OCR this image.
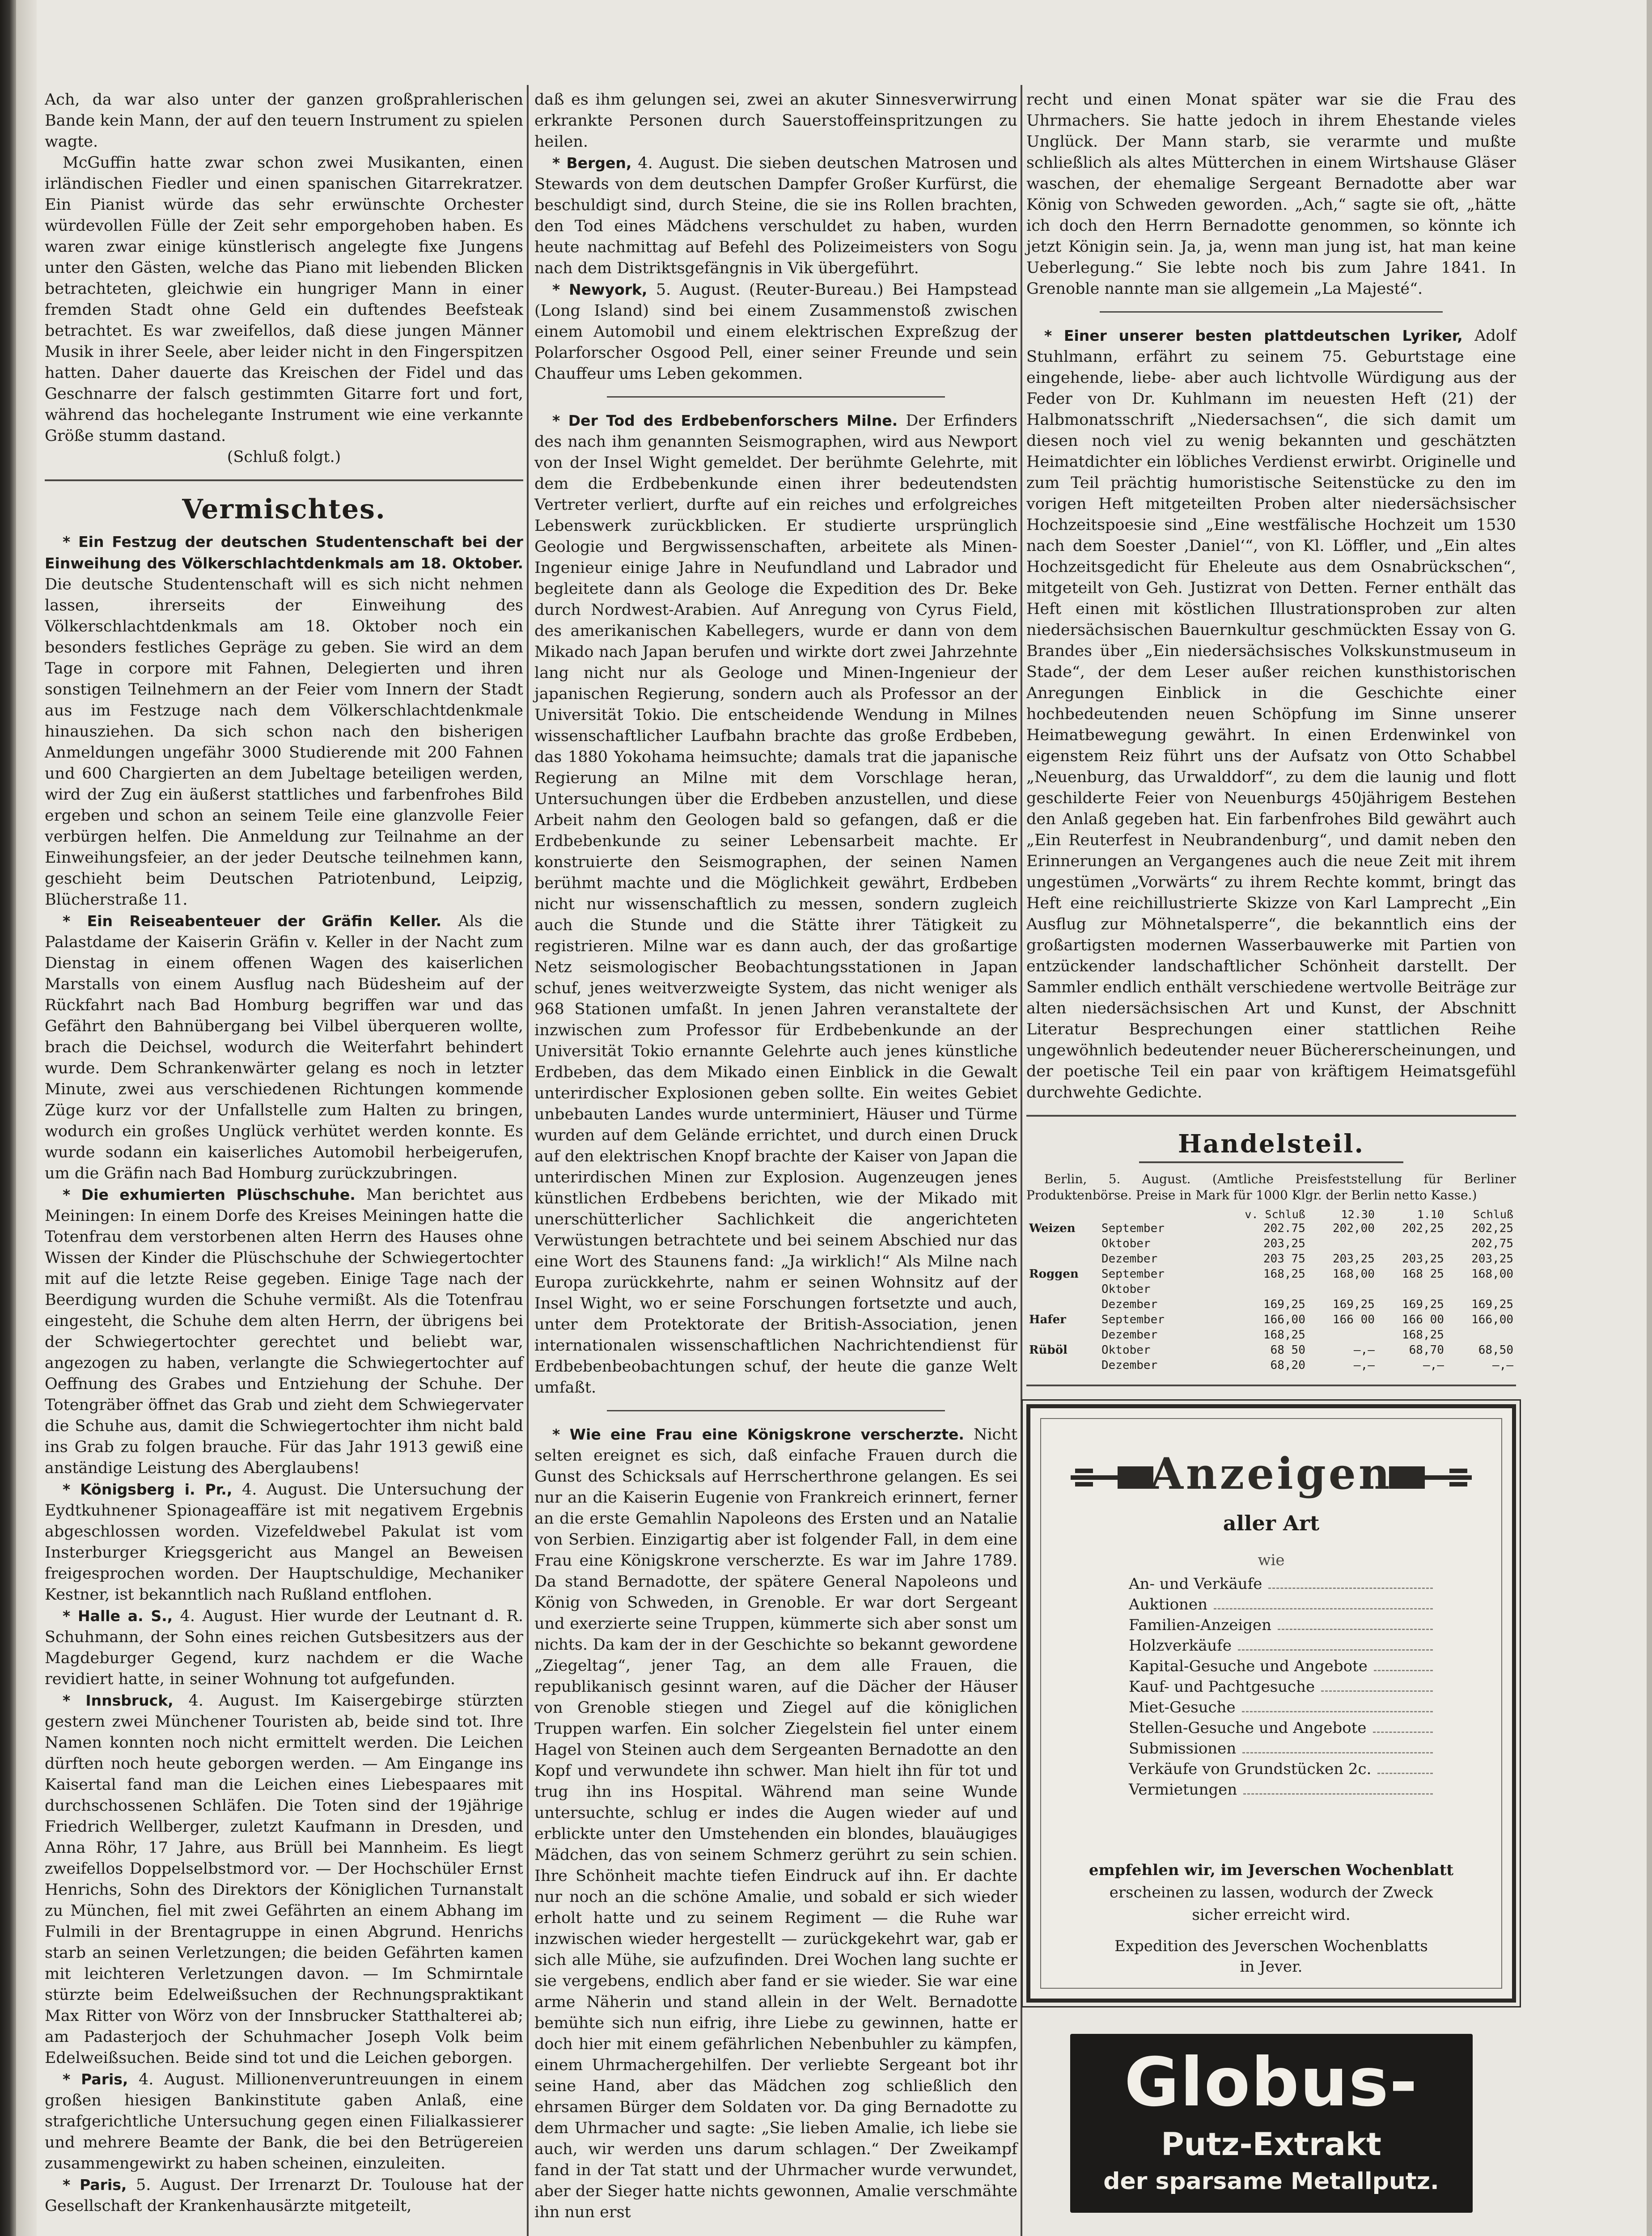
Ach, da war also unter der ganzen großprahlerischen Bande kein Mann, der auf den teuern Instrument zu spielen wagte.

McGuffin hatte zwar schon zwei Musikanten, einen irländischen Fiedler und einen spanischen Gitarrekratzer. Ein Pianist würde das sehr erwünschte Orchester würdevollen Fülle der Zeit sehr emporgehoben haben. Es waren zwar einige künstlerisch angelegte fixe Jungens unter den Gästen, welche das Piano mit liebenden Blicken betrachteten, gleichwie ein hungriger Mann in einer fremden Stadt ohne Geld ein duftendes Beefsteak betrachtet. Es war zweifellos, daß diese jungen Männer Musik in ihrer Seele, aber leider nicht in den Fingerspitzen hatten. Daher dauerte das Kreischen der Fidel und das Geschnarre der falsch gestimmten Gitarre fort und fort, während das hochelegante Instrument wie eine verkannte Größe stumm dastand.

(Schluß folgt.)

Vermischtes.

* Ein Festzug der deutschen Studentenschaft bei der Einweihung des Völkerschlachtdenkmals am 18. Oktober. Die deutsche Studentenschaft will es sich nicht nehmen lassen, ihrerseits der Einweihung des Völkerschlachtdenkmals am 18. Oktober noch ein besonders festliches Gepräge zu geben. Sie wird an dem Tage in corpore mit Fahnen, Delegierten und ihren sonstigen Teilnehmern an der Feier vom Innern der Stadt aus im Festzuge nach dem Völkerschlachtdenkmale hinausziehen. Da sich schon nach den bisherigen Anmeldungen ungefähr 3000 Studierende mit 200 Fahnen und 600 Chargierten an dem Jubeltage beteiligen werden, wird der Zug ein äußerst stattliches und farbenfrohes Bild ergeben und schon an seinem Teile eine glanzvolle Feier verbürgen helfen. Die Anmeldung zur Teilnahme an der Einweihungsfeier, an der jeder Deutsche teilnehmen kann, geschieht beim Deutschen Patriotenbund, Leipzig, Blücherstraße 11.

* Ein Reiseabenteuer der Gräfin Keller. Als die Palastdame der Kaiserin Gräfin v. Keller in der Nacht zum Dienstag in einem offenen Wagen des kaiserlichen Marstalls von einem Ausflug nach Büdesheim auf der Rückfahrt nach Bad Homburg begriffen war und das Gefährt den Bahnübergang bei Vilbel überqueren wollte, brach die Deichsel, wodurch die Weiterfahrt behindert wurde. Dem Schrankenwärter gelang es noch in letzter Minute, zwei aus verschiedenen Richtungen kommende Züge kurz vor der Unfallstelle zum Halten zu bringen, wodurch ein großes Unglück verhütet werden konnte. Es wurde sodann ein kaiserliches Automobil herbeigerufen, um die Gräfin nach Bad Homburg zurückzubringen.

* Die exhumierten Plüschschuhe. Man berichtet aus Meiningen: In einem Dorfe des Kreises Meiningen hatte die Totenfrau dem verstorbenen alten Herrn des Hauses ohne Wissen der Kinder die Plüschschuhe der Schwiegertochter mit auf die letzte Reise gegeben. Einige Tage nach der Beerdigung wurden die Schuhe vermißt. Als die Totenfrau eingesteht, die Schuhe dem alten Herrn, der übrigens bei der Schwiegertochter gerechtet und beliebt war, angezogen zu haben, verlangte die Schwiegertochter auf Oeffnung des Grabes und Entziehung der Schuhe. Der Totengräber öffnet das Grab und zieht dem Schwiegervater die Schuhe aus, damit die Schwiegertochter ihm nicht bald ins Grab zu folgen brauche. Für das Jahr 1913 gewiß eine anständige Leistung des Aberglaubens!

* Königsberg i. Pr., 4. August. Die Untersuchung der Eydtkuhnener Spionageaffäre ist mit negativem Ergebnis abgeschlossen worden. Vizefeldwebel Pakulat ist vom Insterburger Kriegsgericht aus Mangel an Beweisen freigesprochen worden. Der Hauptschuldige, Mechaniker Kestner, ist bekanntlich nach Rußland entflohen.

* Halle a. S., 4. August. Hier wurde der Leutnant d. R. Schuhmann, der Sohn eines reichen Gutsbesitzers aus der Magdeburger Gegend, kurz nachdem er die Wache revidiert hatte, in seiner Wohnung tot aufgefunden.

* Innsbruck, 4. August. Im Kaisergebirge stürzten gestern zwei Münchener Touristen ab, beide sind tot. Ihre Namen konnten noch nicht ermittelt werden. Die Leichen dürften noch heute geborgen werden. — Am Eingange ins Kaisertal fand man die Leichen eines Liebespaares mit durchschossenen Schläfen. Die Toten sind der 19jährige Friedrich Wellberger, zuletzt Kaufmann in Dresden, und Anna Röhr, 17 Jahre, aus Brüll bei Mannheim. Es liegt zweifellos Doppelselbstmord vor. — Der Hochschüler Ernst Henrichs, Sohn des Direktors der Königlichen Turnanstalt zu München, fiel mit zwei Gefährten an einem Abhang im Fulmili in der Brentagruppe in einen Abgrund. Henrichs starb an seinen Verletzungen; die beiden Gefährten kamen mit leichteren Verletzungen davon. — Im Schmirntale stürzte beim Edelweißsuchen der Rechnungspraktikant Max Ritter von Wörz von der Innsbrucker Statthalterei ab; am Padasterjoch der Schuhmacher Joseph Volk beim Edelweißsuchen. Beide sind tot und die Leichen geborgen.

* Paris, 4. August. Millionenveruntreuungen in einem großen hiesigen Bankinstitute gaben Anlaß, eine strafgerichtliche Untersuchung gegen einen Filialkassierer und mehrere Beamte der Bank, die bei den Betrügereien zusammengewirkt zu haben scheinen, einzuleiten.

* Paris, 5. August. Der Irrenarzt Dr. Toulouse hat der Gesellschaft der Krankenhausärzte mitgeteilt,

daß es ihm gelungen sei, zwei an akuter Sinnesverwirrung erkrankte Personen durch Sauerstoffeinspritzungen zu heilen.

* Bergen, 4. August. Die sieben deutschen Matrosen und Stewards von dem deutschen Dampfer Großer Kurfürst, die beschuldigt sind, durch Steine, die sie ins Rollen brachten, den Tod eines Mädchens verschuldet zu haben, wurden heute nachmittag auf Befehl des Polizeimeisters von Sogu nach dem Distriktsgefängnis in Vik übergeführt.

* Newyork, 5. August. (Reuter-Bureau.) Bei Hampstead (Long Island) sind bei einem Zusammenstoß zwischen einem Automobil und einem elektrischen Expreßzug der Polarforscher Osgood Pell, einer seiner Freunde und sein Chauffeur ums Leben gekommen.

* Der Tod des Erdbebenforschers Milne. Der Erfinders des nach ihm genannten Seismographen, wird aus Newport von der Insel Wight gemeldet. Der berühmte Gelehrte, mit dem die Erdbebenkunde einen ihrer bedeutendsten Vertreter verliert, durfte auf ein reiches und erfolgreiches Lebenswerk zurückblicken. Er studierte ursprünglich Geologie und Bergwissenschaften, arbeitete als Minen-Ingenieur einige Jahre in Neufundland und Labrador und begleitete dann als Geologe die Expedition des Dr. Beke durch Nordwest-Arabien. Auf Anregung von Cyrus Field, des amerikanischen Kabellegers, wurde er dann von dem Mikado nach Japan berufen und wirkte dort zwei Jahrzehnte lang nicht nur als Geologe und Minen-Ingenieur der japanischen Regierung, sondern auch als Professor an der Universität Tokio. Die entscheidende Wendung in Milnes wissenschaftlicher Laufbahn brachte das große Erdbeben, das 1880 Yokohama heimsuchte; damals trat die japanische Regierung an Milne mit dem Vorschlage heran, Untersuchungen über die Erdbeben anzustellen, und diese Arbeit nahm den Geologen bald so gefangen, daß er die Erdbebenkunde zu seiner Lebensarbeit machte. Er konstruierte den Seismographen, der seinen Namen berühmt machte und die Möglichkeit gewährt, Erdbeben nicht nur wissenschaftlich zu messen, sondern zugleich auch die Stunde und die Stätte ihrer Tätigkeit zu registrieren. Milne war es dann auch, der das großartige Netz seismologischer Beobachtungsstationen in Japan schuf, jenes weitverzweigte System, das nicht weniger als 968 Stationen umfaßt. In jenen Jahren veranstaltete der inzwischen zum Professor für Erdbebenkunde an der Universität Tokio ernannte Gelehrte auch jenes künstliche Erdbeben, das dem Mikado einen Einblick in die Gewalt unterirdischer Explosionen geben sollte. Ein weites Gebiet unbebauten Landes wurde unterminiert, Häuser und Türme wurden auf dem Gelände errichtet, und durch einen Druck auf den elektrischen Knopf brachte der Kaiser von Japan die unterirdischen Minen zur Explosion. Augenzeugen jenes künstlichen Erdbebens berichten, wie der Mikado mit unerschütterlicher Sachlichkeit die angerichteten Verwüstungen betrachtete und bei seinem Abschied nur das eine Wort des Staunens fand: „Ja wirklich!“ Als Milne nach Europa zurückkehrte, nahm er seinen Wohnsitz auf der Insel Wight, wo er seine Forschungen fortsetzte und auch, unter dem Protektorate der British-Association, jenen internationalen wissenschaftlichen Nachrichtendienst für Erdbebenbeobachtungen schuf, der heute die ganze Welt umfaßt.

* Wie eine Frau eine Königskrone verscherzte. Nicht selten ereignet es sich, daß einfache Frauen durch die Gunst des Schicksals auf Herrscherthrone gelangen. Es sei nur an die Kaiserin Eugenie von Frankreich erinnert, ferner an die erste Gemahlin Napoleons des Ersten und an Natalie von Serbien. Einzigartig aber ist folgender Fall, in dem eine Frau eine Königskrone verscherzte. Es war im Jahre 1789. Da stand Bernadotte, der spätere General Napoleons und König von Schweden, in Grenoble. Er war dort Sergeant und exerzierte seine Truppen, kümmerte sich aber sonst um nichts. Da kam der in der Geschichte so bekannt gewordene „Ziegeltag“, jener Tag, an dem alle Frauen, die republikanisch gesinnt waren, auf die Dächer der Häuser von Grenoble stiegen und Ziegel auf die königlichen Truppen warfen. Ein solcher Ziegelstein fiel unter einem Hagel von Steinen auch dem Sergeanten Bernadotte an den Kopf und verwundete ihn schwer. Man hielt ihn für tot und trug ihn ins Hospital. Während man seine Wunde untersuchte, schlug er indes die Augen wieder auf und erblickte unter den Umstehenden ein blondes, blauäugiges Mädchen, das von seinem Schmerz gerührt zu sein schien. Ihre Schönheit machte tiefen Eindruck auf ihn. Er dachte nur noch an die schöne Amalie, und sobald er sich wieder erholt hatte und zu seinem Regiment — die Ruhe war inzwischen wieder hergestellt — zurückgekehrt war, gab er sich alle Mühe, sie aufzufinden. Drei Wochen lang suchte er sie vergebens, endlich aber fand er sie wieder. Sie war eine arme Näherin und stand allein in der Welt. Bernadotte bemühte sich nun eifrig, ihre Liebe zu gewinnen, hatte er doch hier mit einem gefährlichen Nebenbuhler zu kämpfen, einem Uhrmachergehilfen. Der verliebte Sergeant bot ihr seine Hand, aber das Mädchen zog schließlich den ehrsamen Bürger dem Soldaten vor. Da ging Bernadotte zu dem Uhrmacher und sagte: „Sie lieben Amalie, ich liebe sie auch, wir werden uns darum schlagen.“ Der Zweikampf fand in der Tat statt und der Uhrmacher wurde verwundet, aber der Sieger hatte nichts gewonnen, Amalie verschmähte ihn nun erst

recht und einen Monat später war sie die Frau des Uhrmachers. Sie hatte jedoch in ihrem Ehestande vieles Unglück. Der Mann starb, sie verarmte und mußte schließlich als altes Mütterchen in einem Wirtshause Gläser waschen, der ehemalige Sergeant Bernadotte aber war König von Schweden geworden. „Ach,“ sagte sie oft, „hätte ich doch den Herrn Bernadotte genommen, so könnte ich jetzt Königin sein. Ja, ja, wenn man jung ist, hat man keine Ueberlegung.“ Sie lebte noch bis zum Jahre 1841. In Grenoble nannte man sie allgemein „La Majesté“.

* Einer unserer besten plattdeutschen Lyriker, Adolf Stuhlmann, erfährt zu seinem 75. Geburtstage eine eingehende, liebe- aber auch lichtvolle Würdigung aus der Feder von Dr. Kuhlmann im neuesten Heft (21) der Halbmonatsschrift „Niedersachsen“, die sich damit um diesen noch viel zu wenig bekannten und geschätzten Heimatdichter ein löbliches Verdienst erwirbt. Originelle und zum Teil prächtig humoristische Seitenstücke zu den im vorigen Heft mitgeteilten Proben alter niedersächsischer Hochzeitspoesie sind „Eine westfälische Hochzeit um 1530 nach dem Soester ‚Daniel‘“, von Kl. Löffler, und „Ein altes Hochzeitsgedicht für Eheleute aus dem Osnabrückschen“, mitgeteilt von Geh. Justizrat von Detten. Ferner enthält das Heft einen mit köstlichen Illustrationsproben zur alten niedersächsischen Bauernkultur geschmückten Essay von G. Brandes über „Ein niedersächsisches Volkskunstmuseum in Stade“, der dem Leser außer reichen kunsthistorischen Anregungen Einblick in die Geschichte einer hochbedeutenden neuen Schöpfung im Sinne unserer Heimatbewegung gewährt. In einen Erdenwinkel von eigenstem Reiz führt uns der Aufsatz von Otto Schabbel „Neuenburg, das Urwalddorf“, zu dem die launig und flott geschilderte Feier von Neuenburgs 450jährigem Bestehen den Anlaß gegeben hat. Ein farbenfrohes Bild gewährt auch „Ein Reuterfest in Neubrandenburg“, und damit neben den Erinnerungen an Vergangenes auch die neue Zeit mit ihrem ungestümen „Vorwärts“ zu ihrem Rechte kommt, bringt das Heft eine reichillustrierte Skizze von Karl Lamprecht „Ein Ausflug zur Möhnetalsperre“, die bekanntlich eins der großartigsten modernen Wasserbauwerke mit Partien von entzückender landschaftlicher Schönheit darstellt. Der Sammler endlich enthält verschiedene wertvolle Beiträge zur alten niedersächsischen Art und Kunst, der Abschnitt Literatur Besprechungen einer stattlichen Reihe ungewöhnlich bedeutender neuer Büchererscheinungen, und der poetische Teil ein paar von kräftigem Heimatsgefühl durchwehte Gedichte.

Handelsteil.

Berlin, 5. August. (Amtliche Preisfeststellung für Berliner Produktenbörse. Preise in Mark für 1000 Klgr. der Berlin netto Kasse.)

		v. Schluß	12.30	1.10	Schluß
Weizen	September	202.75	202,00	202,25	202,25
	Oktober	203,25			202,75
	Dezember	203 75	203,25	203,25	203,25
Roggen	September	168,25	168,00	168 25	168,00
	Oktober				
	Dezember	169,25	169,25	169,25	169,25
Hafer	September	166,00	166 00	166 00	166,00
	Dezember	168,25		168,25	
Rüböl	Oktober	68 50	—,—	68,70	68,50
	Dezember	68,20	—,—	—,—	—,—
Anzeigen
aller Art
wie
An- und Verkäufe
Auktionen
Familien-Anzeigen
Holzverkäufe
Kapital-Gesuche und Angebote
Kauf- und Pachtgesuche
Miet-Gesuche
Stellen-Gesuche und Angebote
Submissionen
Verkäufe von Grundstücken 2c.
Vermietungen
empfehlen wir, im Jeverschen Wochenblatt
erscheinen zu lassen, wodurch der Zweck
sicher erreicht wird.
Expedition des Jeverschen Wochenblatts
in Jever.
Globus-
Putz-Extrakt
der sparsame Metallputz.
